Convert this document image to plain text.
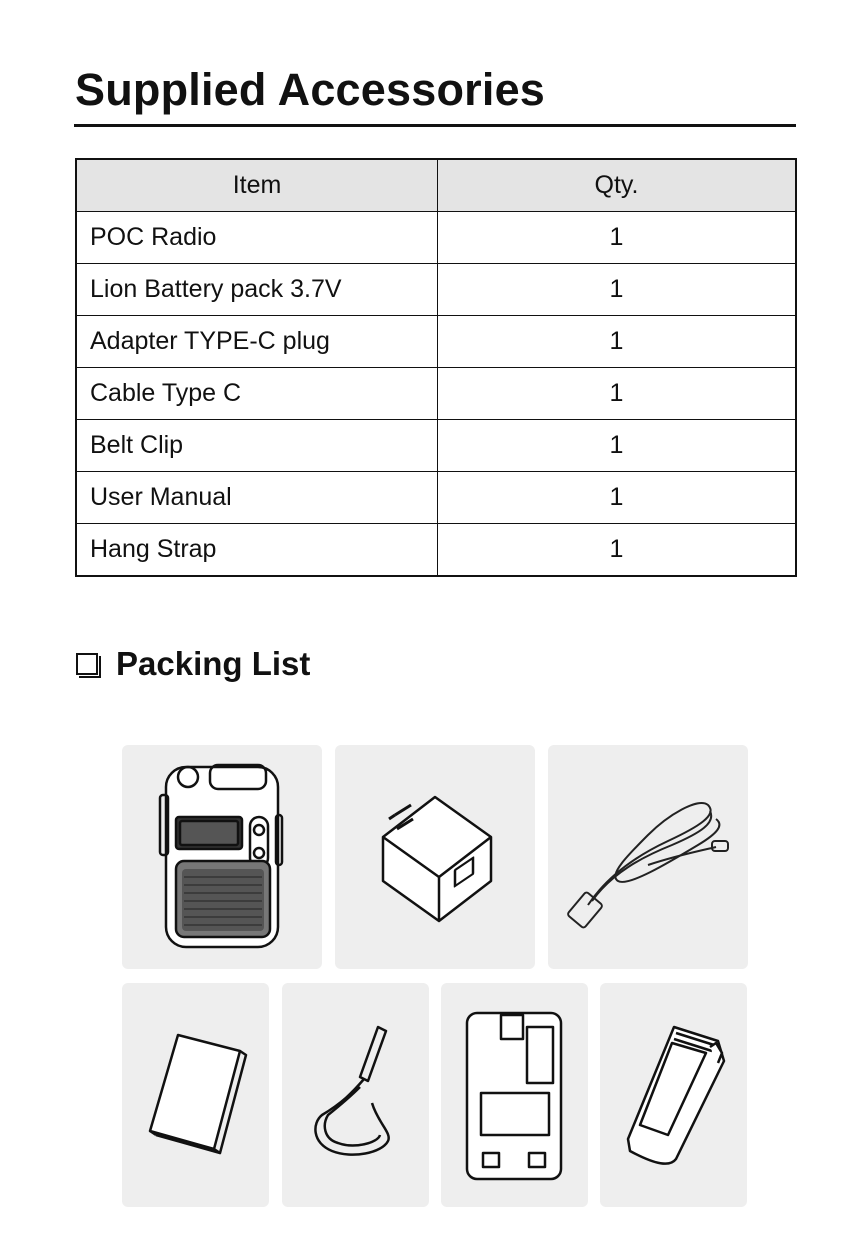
Supplied Accessories
Item	Qty.
POC Radio	1
Lion Battery pack 3.7V	1
Adapter TYPE-C plug	1
Cable Type C	1
Belt Clip	1
User Manual	1
Hang Strap	1
Packing List
